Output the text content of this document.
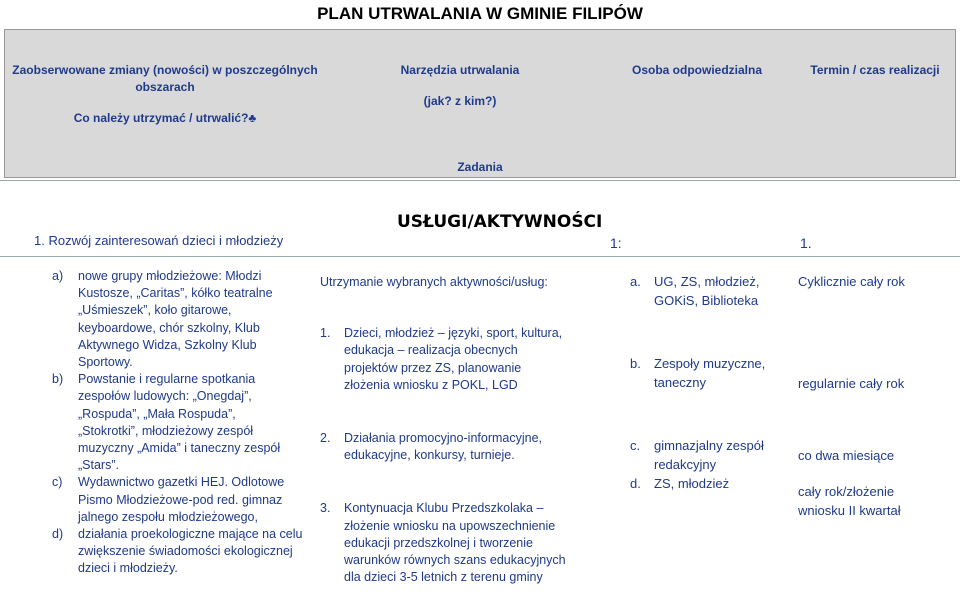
PLAN UTRWALANIA W GMINIE FILIPÓW
Zaobserwowane zmiany (nowości) w poszczególnych
obszarach
Co należy utrzymać / utrwalić?♣
Narzędzia utrwalania
(jak? z kim?)
Osoba odpowiedzialna	Termin / czas realizacji
Zadania
1. Rozwój zainteresowań dzieci i młodzieży
USŁUGI/AKTYWNOŚCI
1:	1.
a) nowe grupy młodzieżowe: Młodzi
Kustosze, „Caritas”, kółko teatralne
„Uśmieszek”, koło gitarowe,
keyboardowe, chór szkolny, Klub
Aktywnego Widza, Szkolny Klub
Sportowy.
b) Powstanie i regularne spotkania
zespołów ludowych: „Onegdaj”,
„Rospuda”, „Mała Rospuda”,
„Stokrotki”, młodzieżowy zespół
muzyczny „Amida” i taneczny zespół
„Stars”.
c) Wydawnictwo gazetki HEJ. Odlotowe
Pismo Młodzieżowe-pod red. gimnaz
jalnego zespołu młodzieżowego,
d) działania proekologiczne mające na celu
zwiększenie świadomości ekologicznej
dzieci i młodzieży.
Utrzymanie wybranych aktywności/usług:
1. Dzieci, młodzież – języki, sport, kultura,
edukacja – realizacja obecnych
projektów przez ZS, planowanie
złożenia wniosku z POKL, LGD
2. Działania promocyjno-informacyjne,
edukacyjne, konkursy, turnieje.
3. Kontynuacja Klubu Przedszkolaka –
złożenie wniosku na upowszechnienie
edukacji przedszkolnej i tworzenie
warunków równych szans edukacyjnych
dla dzieci 3-5 letnich z terenu gminy
a. UG, ZS, młodzież,
GOKiS, Biblioteka
b. Zespoły muzyczne,
taneczny
c. gimnazjalny zespół
redakcyjny
d. ZS, młodzież
Cyklicznie cały rok
regularnie cały rok
co dwa miesiące
cały rok/złożenie
wniosku II kwartał
